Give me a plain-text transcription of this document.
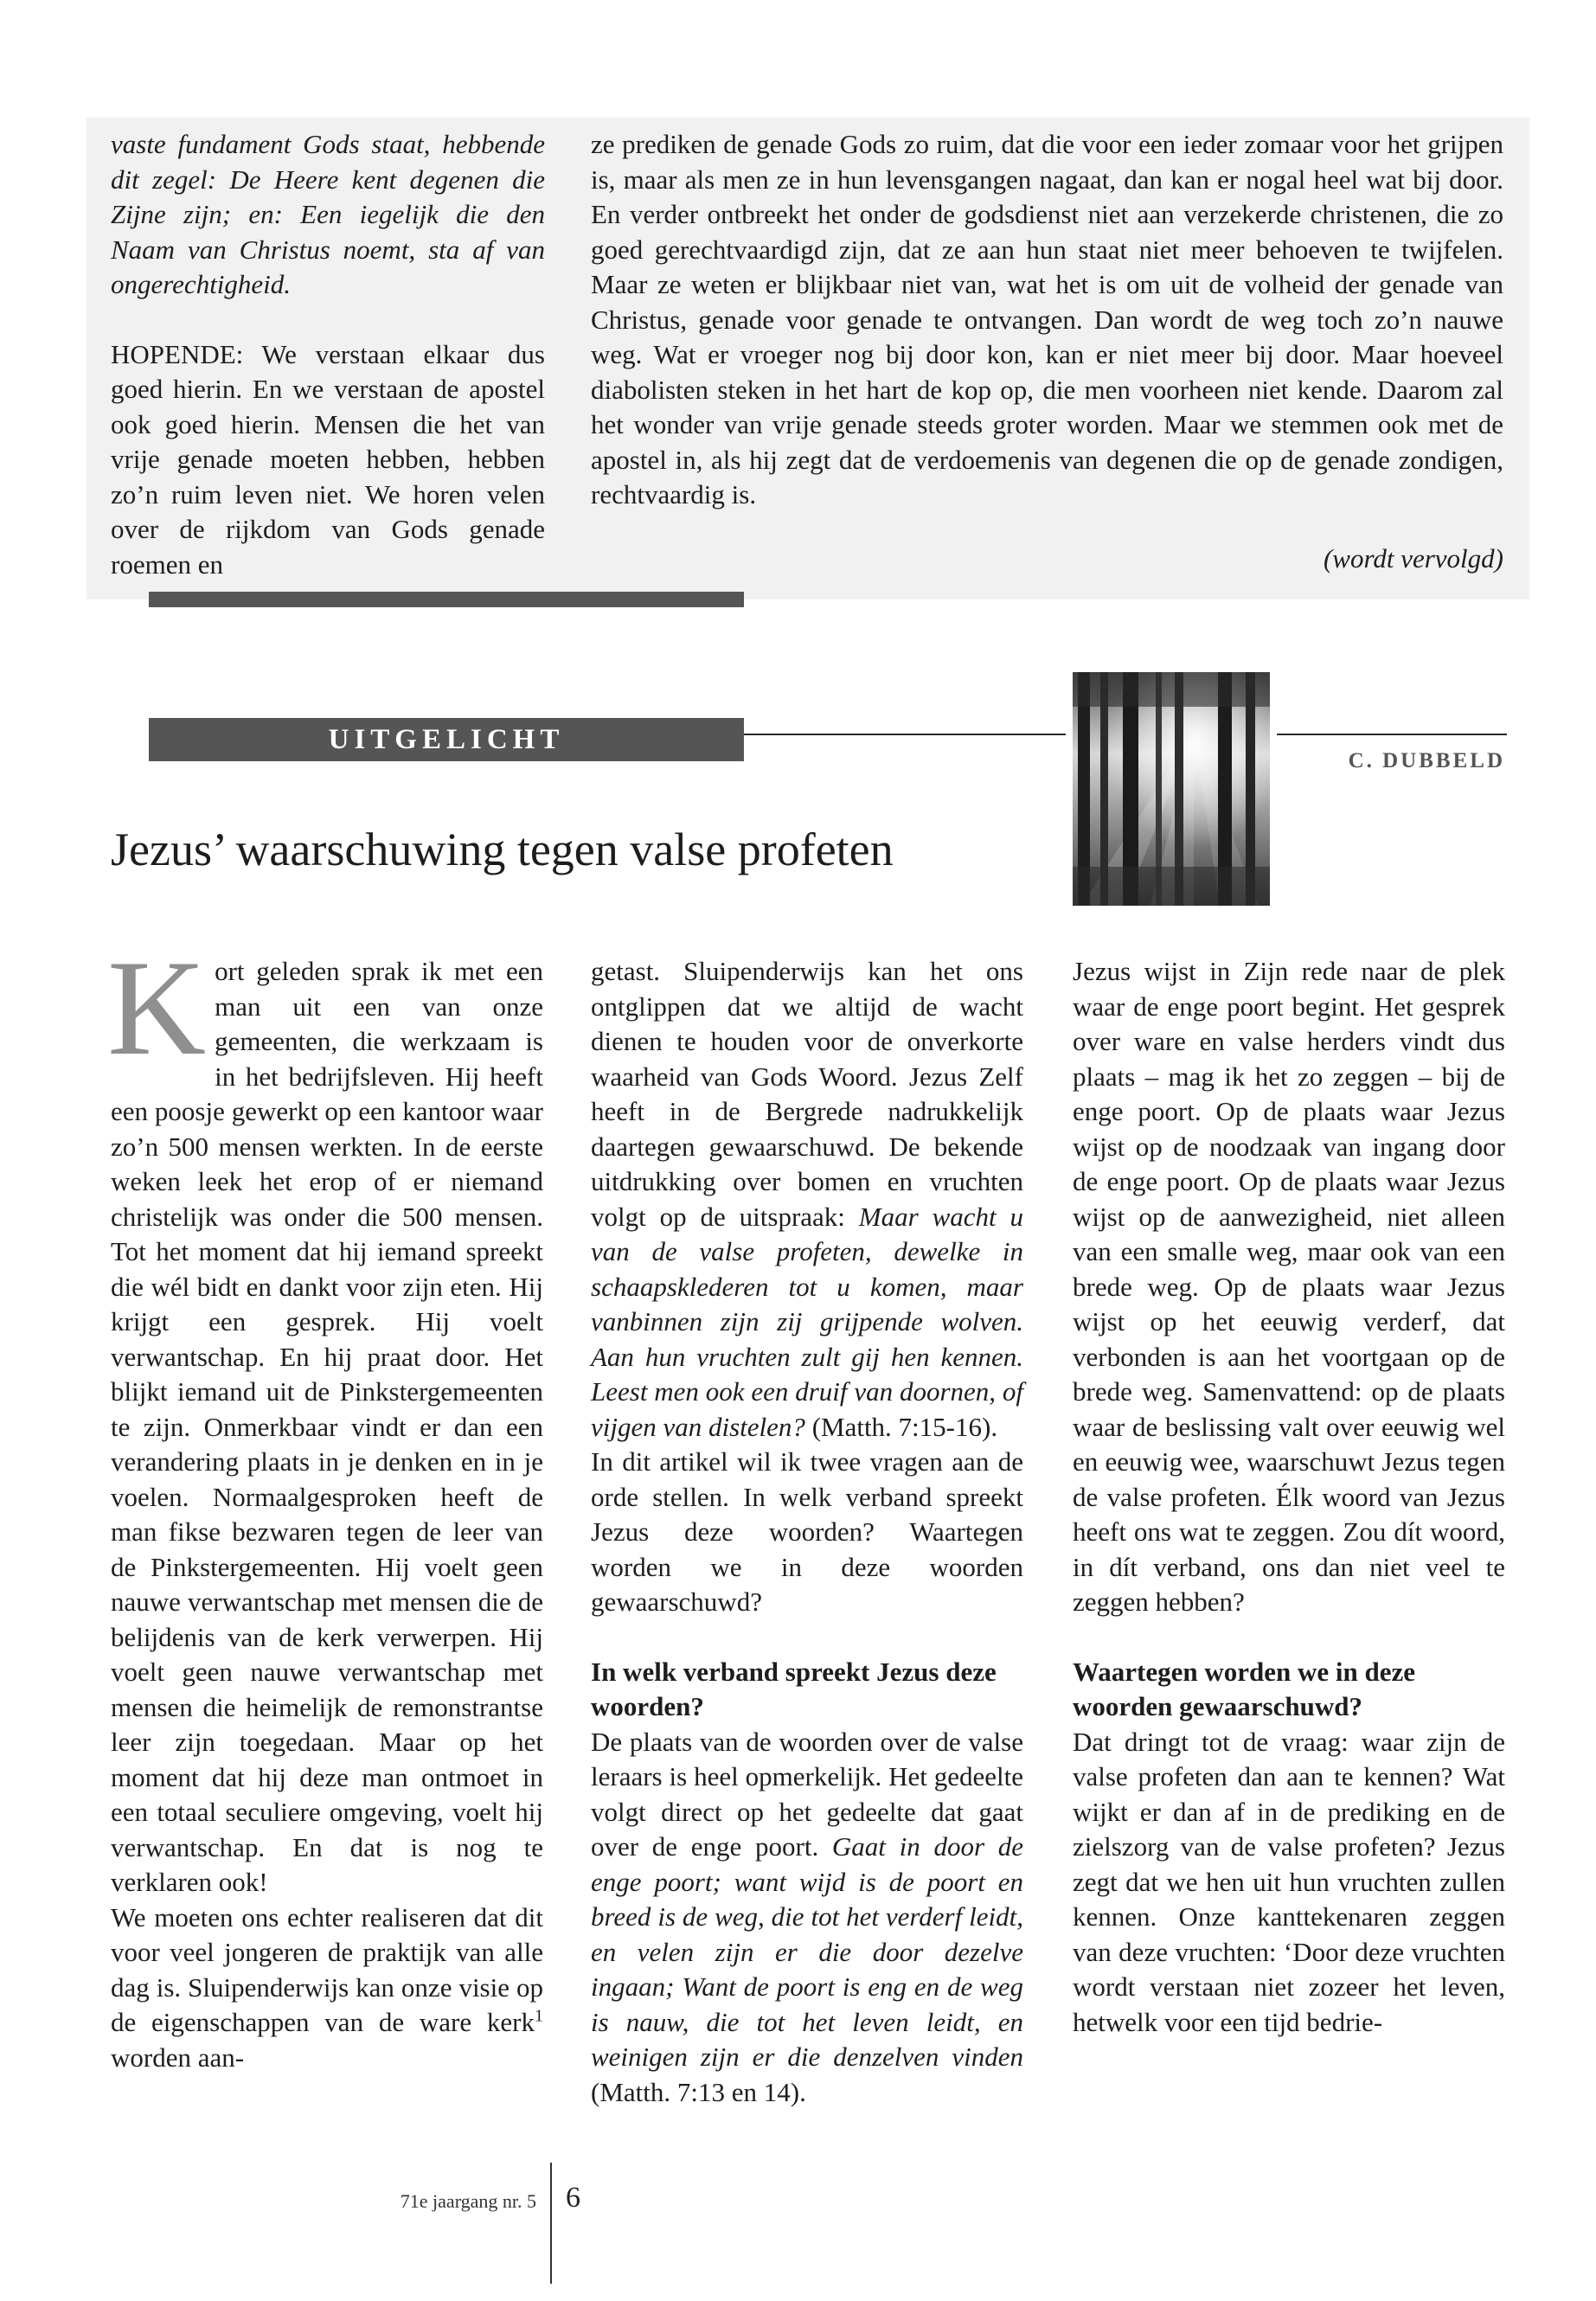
vaste fundament Gods staat, hebbende dit zegel: De Heere kent degenen die Zijne zijn; en: Een iegelijk die den Naam van Christus noemt, sta af van ongerechtigheid.

HOPENDE: We verstaan elkaar dus goed hierin. En we verstaan de apostel ook goed hierin. Mensen die het van vrije genade moeten hebben, hebben zo’n ruim leven niet. We horen velen over de rijkdom van Gods genade roemen en

ze prediken de genade Gods zo ruim, dat die voor een ieder zomaar voor het grijpen is, maar als men ze in hun levensgangen nagaat, dan kan er nogal heel wat bij door. En verder ontbreekt het onder de godsdienst niet aan verzekerde christenen, die zo goed gerechtvaardigd zijn, dat ze aan hun staat niet meer behoeven te twijfelen. Maar ze weten er blijkbaar niet van, wat het is om uit de volheid der genade van Christus, genade voor genade te ontvangen. Dan wordt de weg toch zo’n nauwe weg. Wat er vroeger nog bij door kon, kan er niet meer bij door. Maar hoeveel diabolisten steken in het hart de kop op, die men voorheen niet kende. Daarom zal het wonder van vrije genade steeds groter worden. Maar we stemmen ook met de apostel in, als hij zegt dat de verdoemenis van degenen die op de genade zondigen, rechtvaardig is.

(wordt vervolgd)
UITGELICHT
C. DUBBELD
Jezus’ waarschuwing tegen valse profeten

Kort geleden sprak ik met een man uit een van onze gemeenten, die werkzaam is in het bedrijfsleven. Hij heeft een poosje gewerkt op een kantoor waar zo’n 500 mensen werkten. In de eerste weken leek het erop of er niemand christelijk was onder die 500 mensen. Tot het moment dat hij iemand spreekt die wél bidt en dankt voor zijn eten. Hij krijgt een gesprek. Hij voelt verwantschap. En hij praat door. Het blijkt iemand uit de Pinkstergemeenten te zijn. Onmerkbaar vindt er dan een verandering plaats in je denken en in je voelen. Normaalgesproken heeft de man fikse bezwaren tegen de leer van de Pinkstergemeenten. Hij voelt geen nauwe verwantschap met mensen die de belijdenis van de kerk verwerpen. Hij voelt geen nauwe verwantschap met mensen die heimelijk de remonstrantse leer zijn toegedaan. Maar op het moment dat hij deze man ontmoet in een totaal seculiere omgeving, voelt hij verwantschap. En dat is nog te verklaren ook!

We moeten ons echter realiseren dat dit voor veel jongeren de praktijk van alle dag is. Sluipenderwijs kan onze visie op de eigenschappen van de ware kerk$^1$ worden aan-

getast. Sluipenderwijs kan het ons ontglippen dat we altijd de wacht dienen te houden voor de onverkorte waarheid van Gods Woord. Jezus Zelf heeft in de Bergrede nadrukkelijk daartegen gewaarschuwd. De bekende uitdrukking over bomen en vruchten volgt op de uitspraak: Maar wacht u van de valse profeten, dewelke in schaapsklederen tot u komen, maar vanbinnen zijn zij grijpende wolven. Aan hun vruchten zult gij hen kennen. Leest men ook een druif van doornen, of vijgen van distelen? (Matth. 7:15-16).

In dit artikel wil ik twee vragen aan de orde stellen. In welk verband spreekt Jezus deze woorden? Waartegen worden we in deze woorden gewaarschuwd?

In welk verband spreekt Jezus deze woorden?

De plaats van de woorden over de valse leraars is heel opmerkelijk. Het gedeelte volgt direct op het gedeelte dat gaat over de enge poort. Gaat in door de enge poort; want wijd is de poort en breed is de weg, die tot het verderf leidt, en velen zijn er die door dezelve ingaan; Want de poort is eng en de weg is nauw, die tot het leven leidt, en weinigen zijn er die denzelven vinden (Matth. 7:13 en 14).

Jezus wijst in Zijn rede naar de plek waar de enge poort begint. Het gesprek over ware en valse herders vindt dus plaats – mag ik het zo zeggen – bij de enge poort. Op de plaats waar Jezus wijst op de noodzaak van ingang door de enge poort. Op de plaats waar Jezus wijst op de aanwezigheid, niet alleen van een smalle weg, maar ook van een brede weg. Op de plaats waar Jezus wijst op het eeuwig verderf, dat verbonden is aan het voortgaan op de brede weg. Samenvattend: op de plaats waar de beslissing valt over eeuwig wel en eeuwig wee, waarschuwt Jezus tegen de valse profeten. Élk woord van Jezus heeft ons wat te zeggen. Zou dít woord, in dít verband, ons dan niet veel te zeggen hebben?

Waartegen worden we in deze woorden gewaarschuwd?

Dat dringt tot de vraag: waar zijn de valse profeten dan aan te kennen? Wat wijkt er dan af in de prediking en de zielszorg van de valse profeten? Jezus zegt dat we hen uit hun vruchten zullen kennen. Onze kanttekenaren zeggen van deze vruchten: ‘Door deze vruchten wordt verstaan niet zozeer het leven, hetwelk voor een tijd bedrie-

71e jaargang nr. 5 6
